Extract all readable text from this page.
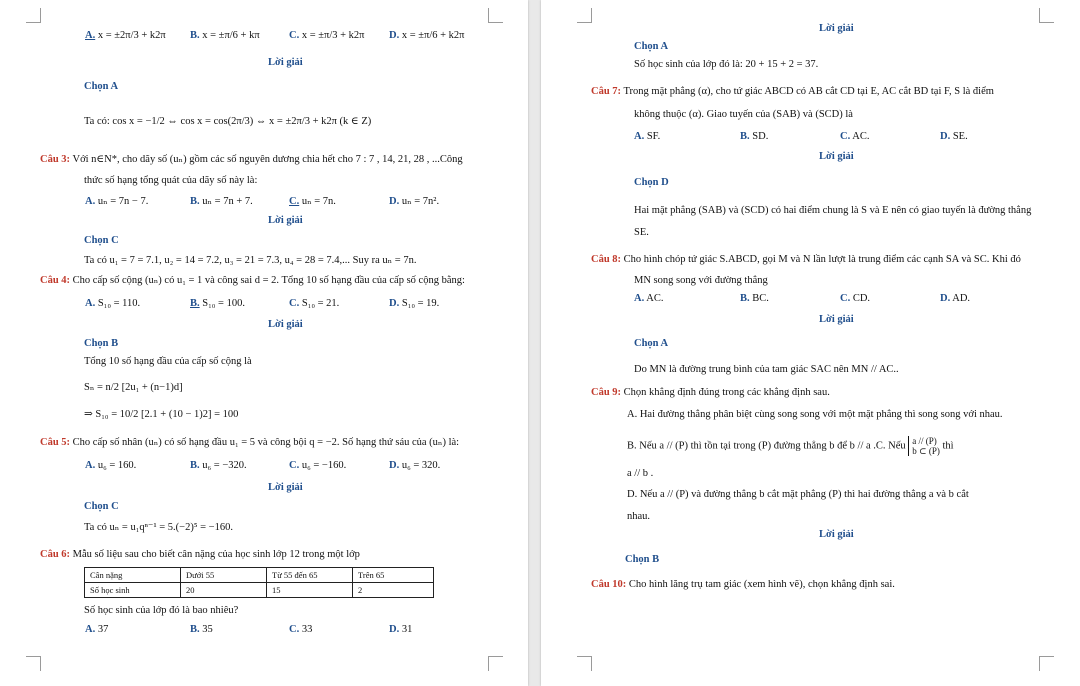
A. x = ±2π/3 + k2π B. x = ±π/6 + kπ	C. x = ±π/3 + k2π D. x = ±π/6 + k2π
Lời giải
Chọn A
Ta có: cos x = −1/2 ⇔ cos x = cos(2π/3) ⇔ x = ±2π/3 + k2π (k ∈ Z)
Câu 3: Với n∈N*, cho dãy số (uₙ) gồm các số nguyên dương chia hết cho 7 : 7 , 14, 21, 28 , ...Công
thức số hạng tổng quát của dãy số này là:
A. uₙ = 7n − 7.	B. uₙ = 7n + 7.	C. uₙ = 7n.	D. uₙ = 7n².
Lời giải
Chọn C
Ta có u₁ = 7 = 7.1, u₂ = 14 = 7.2, u₃ = 21 = 7.3, u₄ = 28 = 7.4,... Suy ra uₙ = 7n.
Câu 4: Cho cấp số cộng (uₙ) có u₁ = 1 và công sai d = 2. Tổng 10 số hạng đầu của cấp số cộng bằng:
A. S₁₀ = 110.	B. S₁₀ = 100.	C. S₁₀ = 21.	D. S₁₀ = 19.
Lời giải
Chọn B
Tổng 10 số hạng đầu của cấp số cộng là
Sₙ = n/2 [2u₁ + (n−1)d]
⇒ S₁₀ = 10/2 [2.1 + (10 − 1)2] = 100
Câu 5: Cho cấp số nhân (uₙ) có số hạng đầu u₁ = 5 và công bội q = −2. Số hạng thứ sáu của (uₙ) là:
A. u₆ = 160.	B. u₆ = −320.	C. u₆ = −160.	D. u₆ = 320.
Lời giải
Chọn C
Ta có uₙ = u₁qⁿ⁻¹ = 5.(−2)⁵ = −160.
Câu 6: Mẫu số liệu sau cho biết cân nặng của học sinh lớp 12 trong một lớp
Cân nặng	Dưới 55	Từ 55 đến 65	Trên 65
Số học sinh	20	15	2
Số học sinh của lớp đó là bao nhiêu?
A. 37	B. 35	C. 33	D. 31
Lời giải
Chọn A
Số học sinh của lớp đó là: 20 + 15 + 2 = 37.
Câu 7: Trong mặt phẳng (α), cho tứ giác ABCD có AB cắt CD tại E, AC cắt BD tại F, S là điểm
không thuộc (α). Giao tuyến của (SAB) và (SCD) là
A. SF.	B. SD.	C. AC.	D. SE.
Lời giải
Chọn D
Hai mặt phẳng (SAB) và (SCD) có hai điểm chung là S và E nên có giao tuyến là đường thẳng
SE.
Câu 8: Cho hình chóp tứ giác S.ABCD, gọi M và N lần lượt là trung điểm các cạnh SA và SC. Khi đó
MN song song với đường thẳng
A. AC.	B. BC.	C. CD.	D. AD.
Lời giải
Chọn A
Do MN là đường trung bình của tam giác SAC nên MN // AC..
Câu 9: Chọn khẳng định đúng trong các khẳng định sau.
A. Hai đường thẳng phân biệt cùng song song với một mặt phẳng thì song song với nhau.
B. Nếu a // (P) thì tồn tại trong (P) đường thẳng b để b // a .C. Nếu a // (P)
b ⊂ (P) thì
a // b .
D. Nếu a // (P) và đường thẳng b cắt mặt phẳng (P) thì hai đường thẳng a và b cắt
nhau.
Lời giải
Chọn B
Câu 10: Cho hình lăng trụ tam giác (xem hình vẽ), chọn khẳng định sai.
